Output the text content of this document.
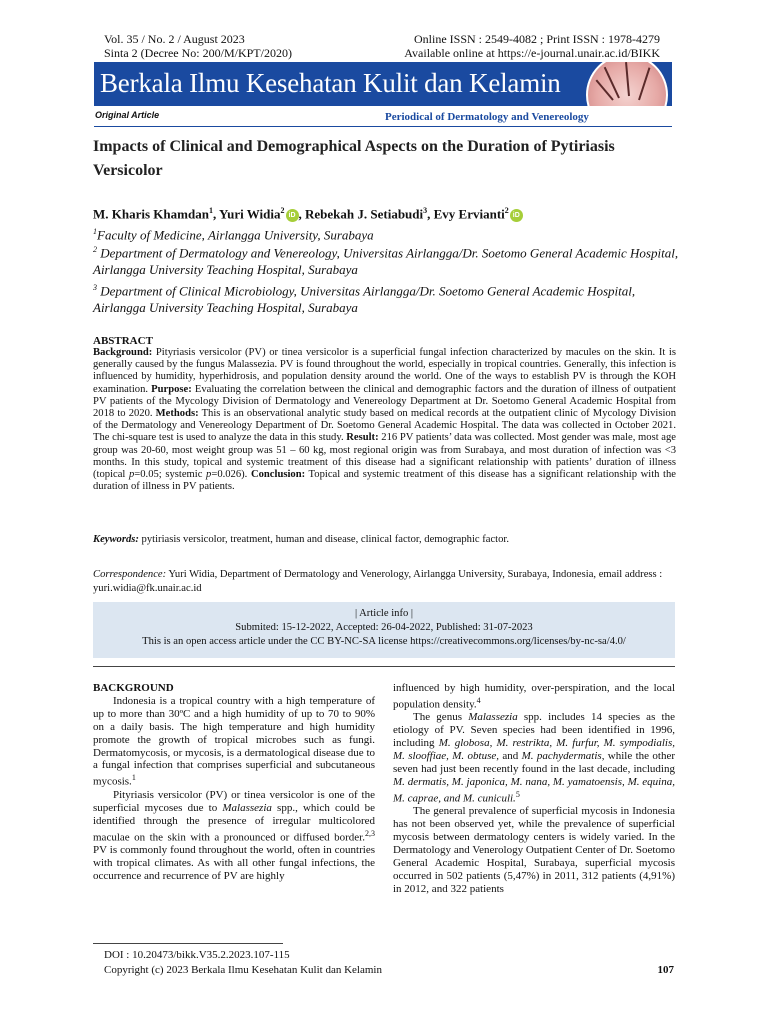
Vol. 35 / No. 2 / August 2023
Sinta 2 (Decree No: 200/M/KPT/2020)
Online ISSN : 2549-4082 ; Print ISSN : 1978-4279
Available online at https://e-journal.unair.ac.id/BIKK
Berkala Ilmu Kesehatan Kulit dan Kelamin
Original Article	Periodical of Dermatology and Venereology
Impacts of Clinical and Demographical Aspects on the Duration of Pytiriasis Versicolor
M. Kharis Khamdan$^1$, Yuri Widia$^2$iD , Rebekah J. Setiabudi$^3$, Evy Ervianti$^2$iD
$^1$Faculty of Medicine, Airlangga University, Surabaya
$^2$ Department of Dermatology and Venereology, Universitas Airlangga/Dr. Soetomo General Academic Hospital, Airlangga University Teaching Hospital, Surabaya
$^3$ Department of Clinical Microbiology, Universitas Airlangga/Dr. Soetomo General Academic Hospital, Airlangga University Teaching Hospital, Surabaya
ABSTRACT
Background: Pityriasis versicolor (PV) or tinea versicolor is a superficial fungal infection characterized by macules on the skin. It is generally caused by the fungus Malassezia. PV is found throughout the world, especially in tropical countries. Generally, this infection is influenced by humidity, hyperhidrosis, and population density around the world. One of the ways to establish PV is through the KOH examination. Purpose: Evaluating the correlation between the clinical and demographic factors and the duration of illness of outpatient PV patients of the Mycology Division of Dermatology and Venereology Department at Dr. Soetomo General Academic Hospital from 2018 to 2020. Methods: This is an observational analytic study based on medical records at the outpatient clinic of Mycology Division of the Dermatology and Venereology Department of Dr. Soetomo General Academic Hospital. The data was collected in October 2021. The chi-square test is used to analyze the data in this study. Result: 216 PV patients’ data was collected. Most gender was male, most age group was 20-60, most weight group was 51 – 60 kg, most regional origin was from Surabaya, and most duration of infection was <3 months. In this study, topical and systemic treatment of this disease had a significant relationship with patients’ duration of illness (topical p=0.05; systemic p=0.026). Conclusion: Topical and systemic treatment of this disease has a significant relationship with the duration of illness in PV patients.
Keywords: pytiriasis versicolor, treatment, human and disease, clinical factor, demographic factor.
Correspondence: Yuri Widia, Department of Dermatology and Venerology, Airlangga University, Surabaya, Indonesia, email address : yuri.widia@fk.unair.ac.id
| Article info |
Submited: 15-12-2022, Accepted: 26-04-2022, Published: 31-07-2023
This is an open access article under the CC BY-NC-SA license https://creativecommons.org/licenses/by-nc-sa/4.0/
BACKGROUND

Indonesia is a tropical country with a high temperature of up to more than 30ºC and a high humidity of up to 70 to 90% on a daily basis. The high temperature and high humidity promote the growth of tropical microbes such as fungi. Dermatomycosis, or mycosis, is a dermatological disease due to a fungal infection that comprises superficial and subcutaneous mycosis.$^1$

Pityriasis versicolor (PV) or tinea versicolor is one of the superficial mycoses due to Malasseziа spp., which could be identified through the presence of irregular multicolored maculae on the skin with a pronounced or diffused border.$^{2,3}$ PV is commonly found throughout the world, often in countries with tropical climates. As with all other fungal infections, the occurrence and recurrence of PV are highly

influenced by high humidity, over-perspiration, and the local population density.$^4$

The genus Malassezia spp. includes 14 species as the etiology of PV. Seven species had been identified in 1996, including M. globosa, M. restrikta, M. furfur, M. sympodialis, M. slooffiae, M. obtuse, and M. pachydermatis, while the other seven had just been recently found in the last decade, including M. dermatis, M. japonica, M. nana, M. yamatoensis, M. equina, M. caprae, and M. cuniculi.$^5$

The general prevalence of superficial mycosis in Indonesia has not been observed yet, while the prevalence of superficial mycosis between dermatology centers is widely varied. In the Dermatology and Venerology Outpatient Center of Dr. Soetomo General Academic Hospital, Surabaya, superficial mycosis occurred in 502 patients (5,47%) in 2011, 312 patients (4,91%) in 2012, and 322 patients

DOI : 10.20473/bikk.V35.2.2023.107-115
Copyright (c) 2023 Berkala Ilmu Kesehatan Kulit dan Kelamin	107
